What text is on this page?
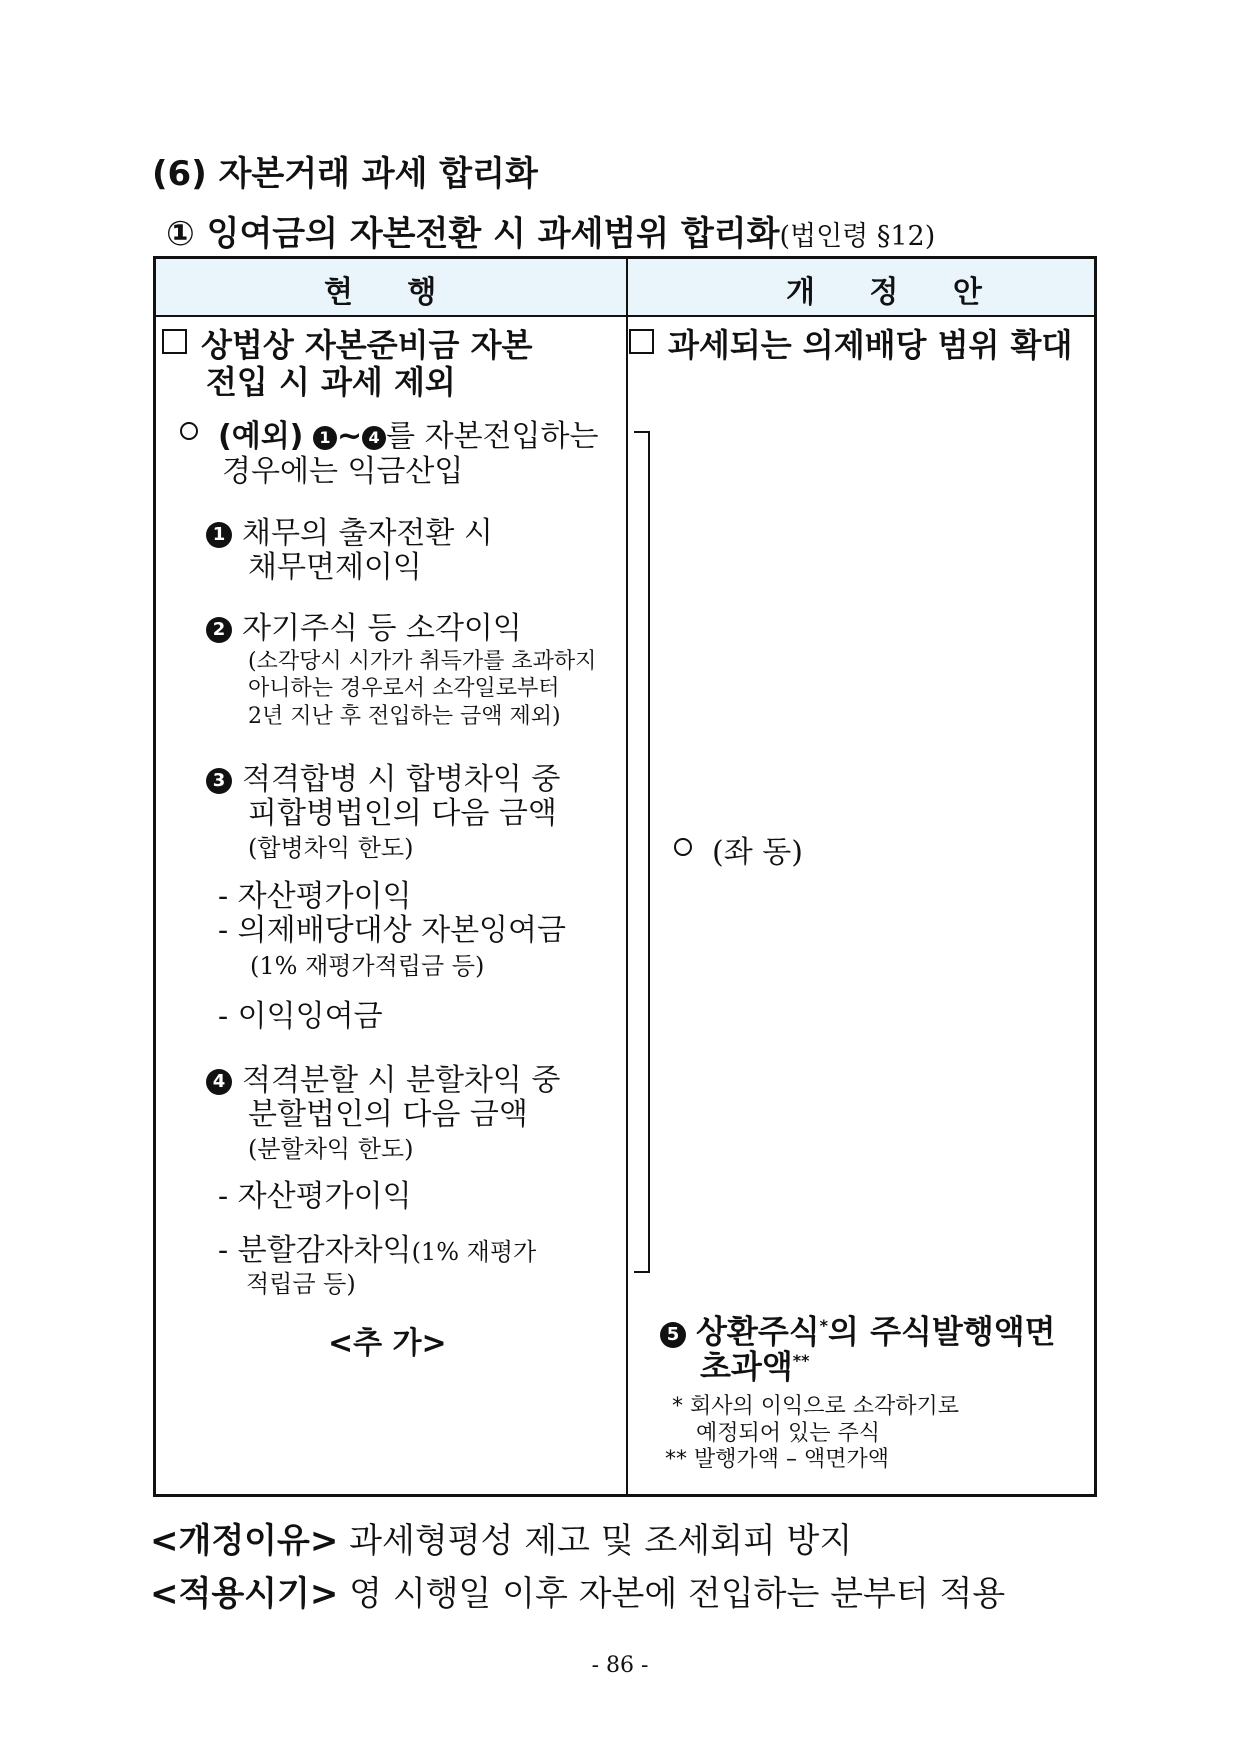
(6) 자본거래 과세 합리화
① 잉여금의 자본전환 시 과세범위 합리화(법인령 §12)
현 행	개 정 안
상법상 자본준비금 자본
전입 시 과세 제외
(예외) 1 ~ 4 를 자본전입하는
경우에는 익금산입
1 채무의 출자전환 시
채무면제이익
2 자기주식 등 소각이익
(소각당시 시가가 취득가를 초과하지
아니하는 경우로서 소각일로부터
2년 지난 후 전입하는 금액 제외)
3 적격합병 시 합병차익 중
피합병법인의 다음 금액
(합병차익 한도)
- 자산평가이익
- 의제배당대상 자본잉여금
(1% 재평가적립금 등)
- 이익잉여금
4 적격분할 시 분할차익 중
분할법인의 다음 금액
(분할차익 한도)
- 자산평가이익
- 분할감자차익(1% 재평가
적립금 등)
<추 가>
과세되는 의제배당 범위 확대
(좌 동)
5 상환주식*의 주식발행액면
초과액**
* 회사의 이익으로 소각하기로
예정되어 있는 주식
** 발행가액 – 액면가액
<개정이유> 과세형평성 제고 및 조세회피 방지
<적용시기> 영 시행일 이후 자본에 전입하는 분부터 적용
- 86 -
